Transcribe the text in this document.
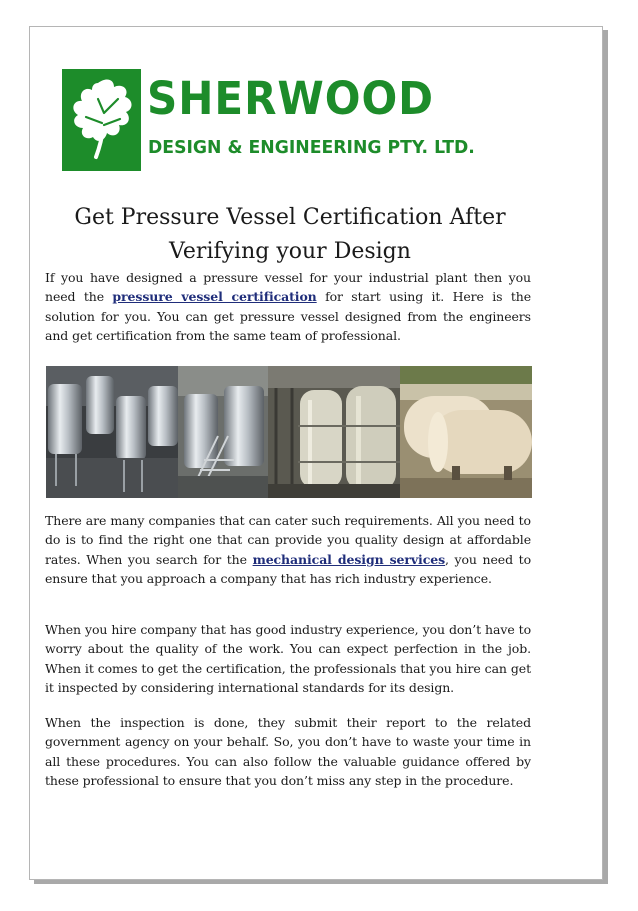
SHERWOOD
DESIGN & ENGINEERING PTY. LTD.
Get Pressure Vessel Certification After Verifying your Design

If you have designed a pressure vessel for your industrial plant then you need the pressure vessel certification for start using it. Here is the solution for you. You can get pressure vessel designed from the engineers and get certification from the same team of professional.

There are many companies that can cater such requirements. All you need to do is to find the right one that can provide you quality design at affordable rates. When you search for the mechanical design services, you need to ensure that you approach a company that has rich industry experience.

When you hire company that has good industry experience, you don’t have to worry about the quality of the work. You can expect perfection in the job. When it comes to get the certification, the professionals that you hire can get it inspected by considering international standards for its design.

When the inspection is done, they submit their report to the related government agency on your behalf. So, you don’t have to waste your time in all these procedures. You can also follow the valuable guidance offered by these professional to ensure that you don’t miss any step in the procedure.
